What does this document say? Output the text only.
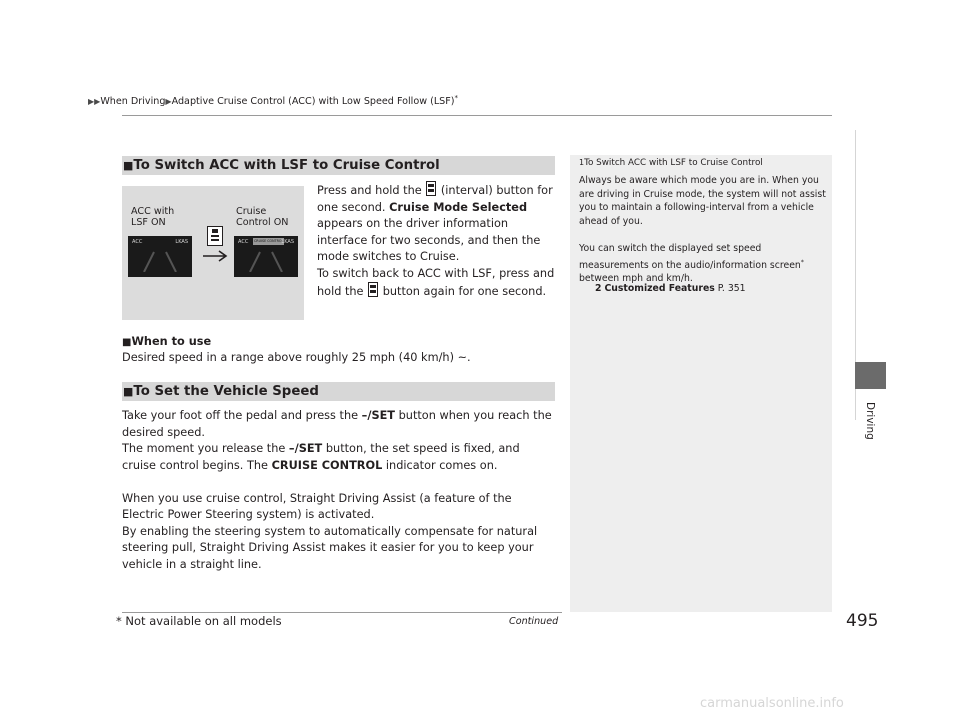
▶▶When Driving▶Adaptive Cruise Control (ACC) with Low Speed Follow (LSF)*
Driving
■To Switch ACC with LSF to Cruise Control
ACC with
LSF ON
Cruise
Control ON
ACC	LKAS	ACC	CRUISE CONTROL
LKAS
Press and hold the (interval) button for one second. Cruise Mode Selected appears on the driver information interface for two seconds, and then the mode switches to Cruise.
To switch back to ACC with LSF, press and hold the button again for one second.
■When to use
Desired speed in a range above roughly 25 mph (40 km/h) ~.
■To Set the Vehicle Speed
Take your foot off the pedal and press the –/SET button when you reach the desired speed.
The moment you release the –/SET button, the set speed is fixed, and cruise control begins. The CRUISE CONTROL indicator comes on.
When you use cruise control, Straight Driving Assist (a feature of the Electric Power Steering system) is activated.
By enabling the steering system to automatically compensate for natural steering pull, Straight Driving Assist makes it easier for you to keep your vehicle in a straight line.
1To Switch ACC with LSF to Cruise Control
Always be aware which mode you are in. When you are driving in Cruise mode, the system will not assist you to maintain a following-interval from a vehicle ahead of you.
You can switch the displayed set speed measurements on the audio/information screen* between mph and km/h.
2 Customized Features P. 351
* Not available on all models	Continued	495
carmanualsonline.info
